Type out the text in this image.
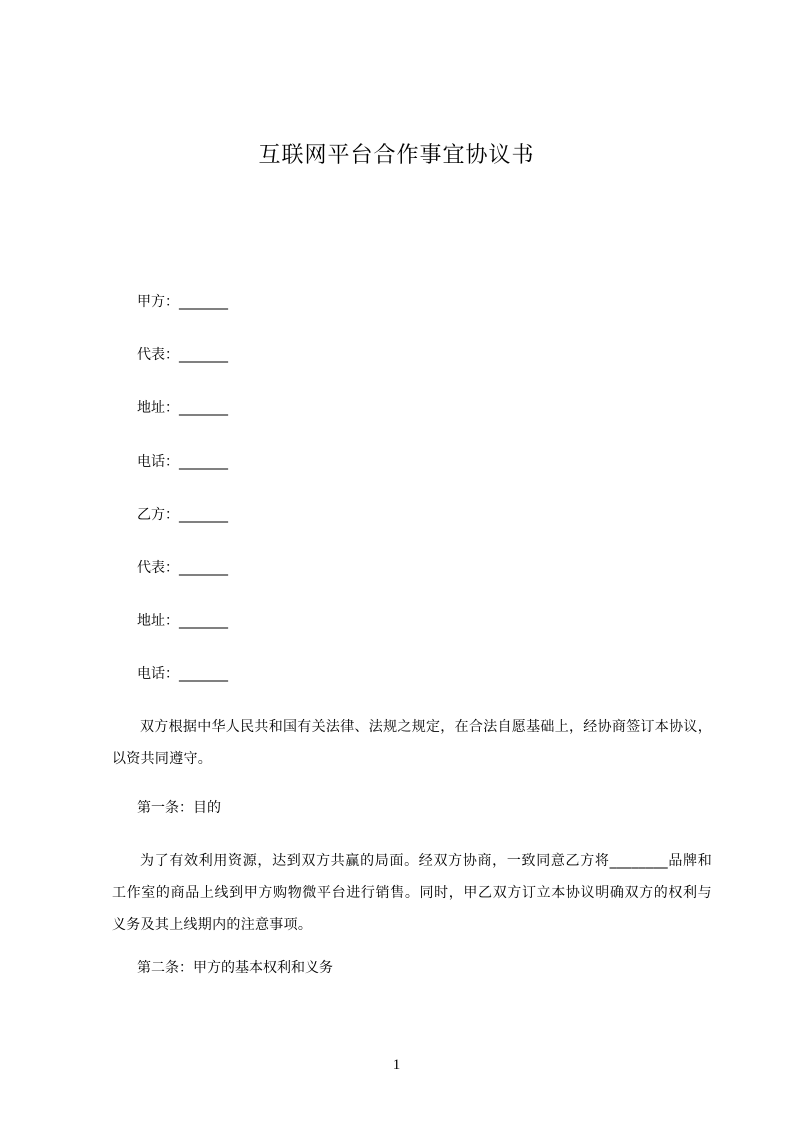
互联网平台合作事宜协议书
甲方：_______
代表：_______
地址：_______
电话：_______
乙方：_______
代表：_______
地址：_______
电话：_______
双方根据中华人民共和国有关法律、法规之规定，在合法自愿基础上，经协商签订本协议，以资共同遵守。
第一条：目的
为了有效利用资源，达到双方共赢的局面。经双方协商，一致同意乙方将________品牌和工作室的商品上线到甲方购物微平台进行销售。同时，甲乙双方订立本协议明确双方的权利与义务及其上线期内的注意事项。
第二条：甲方的基本权利和义务
1
